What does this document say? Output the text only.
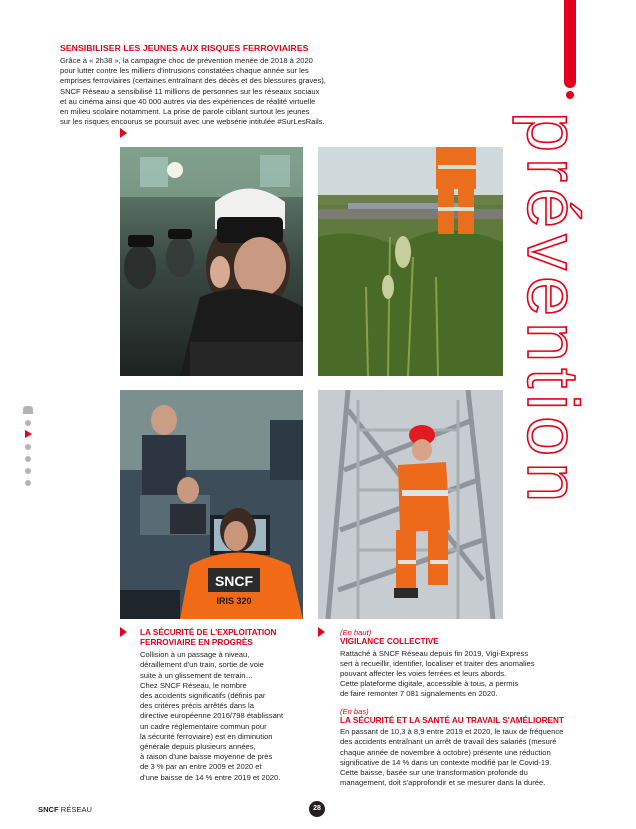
prévention
SENSIBILISER LES JEUNES AUX RISQUES FERROVIAIRES
Grâce à « 2h38 », la campagne choc de prévention menée de 2018 à 2020
pour lutter contre les milliers d'intrusions constatées chaque année sur les
emprises ferroviaires (certaines entraînant des décès et des blessures graves),
SNCF Réseau a sensibilisé 11 millions de personnes sur les réseaux sociaux
et au cinéma ainsi que 40 000 autres via des expériences de réalité virtuelle
en milieu scolaire notamment. La prise de parole ciblant surtout les jeunes
sur les risques encourus se poursuit avec une websérie intitulée #SurLesRails.
SNCF
IRIS 320
LA SÉCURITÉ DE L'EXPLOITATION
FERROVIAIRE EN PROGRÈS
Collision à un passage à niveau,
déraillement d'un train, sortie de voie
suite à un glissement de terrain…
Chez SNCF Réseau, le nombre
des accidents significatifs (définis par
des critères précis arrêtés dans la
directive européenne 2016/798 établissant
un cadre réglementaire commun pour
la sécurité ferroviaire) est en diminution
générale depuis plusieurs années,
à raison d'une baisse moyenne de près
de 3 % par an entre 2009 et 2020 et
d'une baisse de 14 % entre 2019 et 2020.
(En haut)
VIGILANCE COLLECTIVE
Rattaché à SNCF Réseau depuis fin 2019, Vigi-Express
sert à recueillir, identifier, localiser et traiter des anomalies
pouvant affecter les voies ferrées et leurs abords.
Cette plateforme digitale, accessible à tous, a permis
de faire remonter 7 081 signalements en 2020.
(En bas)
LA SÉCURITÉ ET LA SANTÉ AU TRAVAIL S'AMÉLIORENT
En passant de 10,3 à 8,9 entre 2019 et 2020, le taux de fréquence
des accidents entraînant un arrêt de travail des salariés (mesuré
chaque année de novembre à octobre) présente une réduction
significative de 14 % dans un contexte modifié par le Covid-19.
Cette baisse, basée sur une transformation profonde du
management, doit s'approfondir et se mesurer dans la durée.
SNCF RÉSEAU	28
